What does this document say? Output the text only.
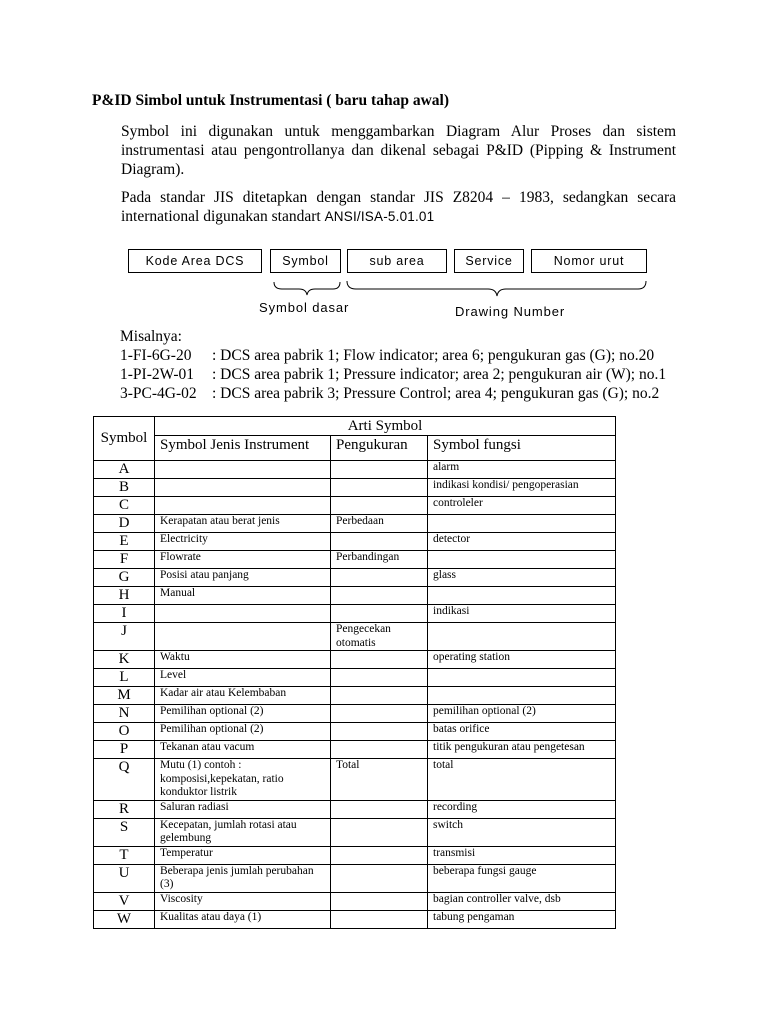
P&ID Simbol untuk Instrumentasi ( baru tahap awal)
Symbol ini digunakan untuk menggambarkan Diagram Alur Proses dan sistem instrumentasi atau pengontrollanya dan dikenal sebagai P&ID (Pipping & Instrument Diagram).
Pada standar JIS ditetapkan dengan standar JIS Z8204 – 1983, sedangkan secara international digunakan standart ANSI/ISA-5.01.01
Kode Area DCS	Symbol	sub area	Service	Nomor urut
Symbol dasar	Drawing Number
Misalnya:
1-FI-6G-20	: DCS area pabrik 1; Flow indicator; area 6; pengukuran gas (G); no.20
1-PI-2W-01	: DCS area pabrik 1; Pressure indicator; area 2; pengukuran air (W); no.1
3-PC-4G-02 : DCS area pabrik 3; Pressure Control; area 4; pengukuran gas (G); no.2
Symbol	Arti Symbol		
	Symbol Jenis Instrument	Pengukuran	Symbol fungsi
A			alarm
B			indikasi kondisi/ pengoperasian
C			controleler
D	Kerapatan atau berat jenis	Perbedaan	
E	Electricity		detector
F	Flowrate	Perbandingan	
G	Posisi atau panjang		glass
H	Manual		
I			indikasi
J		Pengecekan otomatis	
K	Waktu		operating station
L	Level		
M	Kadar air atau Kelembaban		
N	Pemilihan optional (2)		pemilihan optional (2)
O	Pemilihan optional (2)		batas orifice
P	Tekanan atau vacum		titik pengukuran atau pengetesan
Q	Mutu (1) contoh : komposisi,kepekatan, ratio konduktor listrik	Total	total
R	Saluran radiasi		recording
S	Kecepatan, jumlah rotasi atau gelembung		switch
T	Temperatur		transmisi
U	Beberapa jenis jumlah perubahan (3)		beberapa fungsi gauge
V	Viscosity		bagian controller valve, dsb
W	Kualitas atau daya (1)		tabung pengaman
